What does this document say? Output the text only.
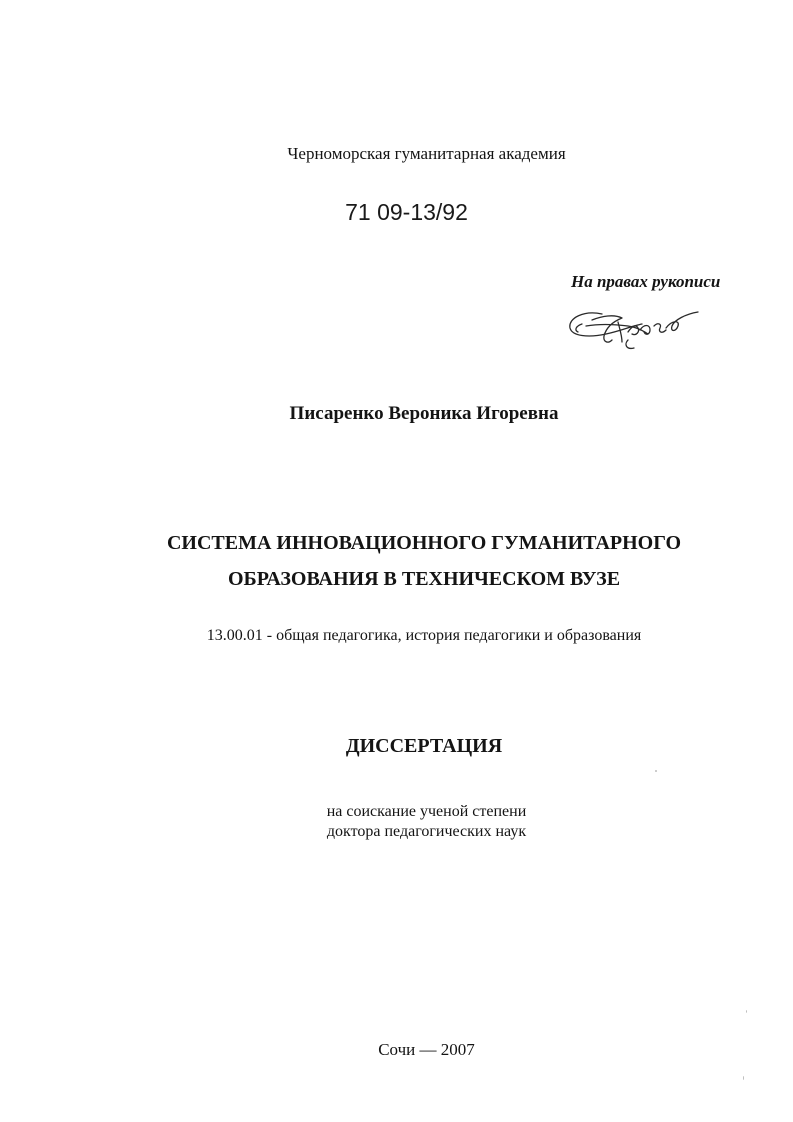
Черноморская гуманитарная академия
71 09-13/92
На правах рукописи
Писаренко Вероника Игоревна
СИСТЕМА ИННОВАЦИОННОГО ГУМАНИТАРНОГО
ОБРАЗОВАНИЯ В ТЕХНИЧЕСКОМ ВУЗЕ
13.00.01 - общая педагогика, история педагогики и образования
ДИССЕРТАЦИЯ
на соискание ученой степени
доктора педагогических наук
Сочи — 2007
